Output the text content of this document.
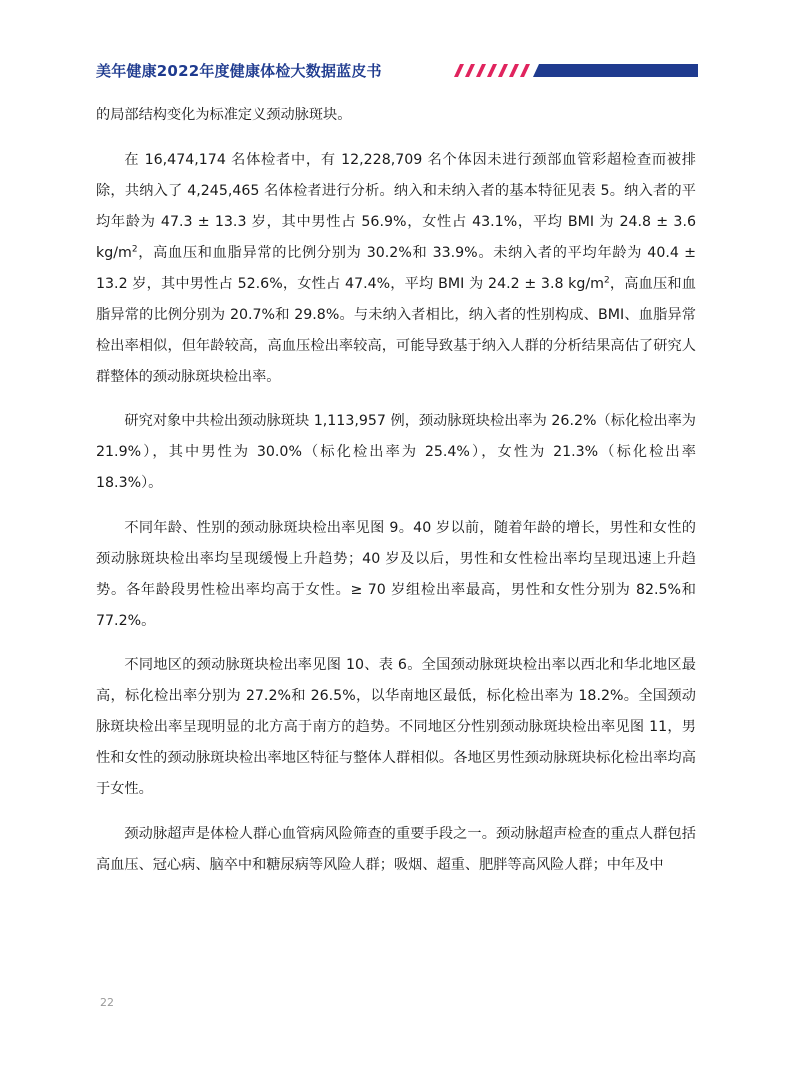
美年健康2022年度健康体检大数据蓝皮书

的局部结构变化为标准定义颈动脉斑块。

在 16,474,174 名体检者中，有 12,228,709 名个体因未进行颈部血管彩超检查而被排除，共纳入了 4,245,465 名体检者进行分析。纳入和未纳入者的基本特征见表 5。纳入者的平均年龄为 47.3 ± 13.3 岁，其中男性占 56.9%，女性占 43.1%，平均 BMI 为 24.8 ± 3.6 $kg/m^2$，高血压和血脂异常的比例分别为 30.2%和 33.9%。未纳入者的平均年龄为 40.4 ± 13.2 岁，其中男性占 52.6%，女性占 47.4%，平均 BMI 为 24.2 ± 3.8 $kg/m^2$，高血压和血脂异常的比例分别为 20.7%和 29.8%。与未纳入者相比，纳入者的性别构成、BMI、血脂异常检出率相似，但年龄较高，高血压检出率较高，可能导致基于纳入人群的分析结果高估了研究人群整体的颈动脉斑块检出率。

研究对象中共检出颈动脉斑块 1,113,957 例，颈动脉斑块检出率为 26.2%（标化检出率为 21.9%），其中男性为 30.0%（标化检出率为 25.4%），女性为 21.3%（标化检出率 18.3%）。

不同年龄、性别的颈动脉斑块检出率见图 9。40 岁以前，随着年龄的增长，男性和女性的颈动脉斑块检出率均呈现缓慢上升趋势；40 岁及以后，男性和女性检出率均呈现迅速上升趋势。各年龄段男性检出率均高于女性。≥ 70 岁组检出率最高，男性和女性分别为 82.5%和 77.2%。

不同地区的颈动脉斑块检出率见图 10、表 6。全国颈动脉斑块检出率以西北和华北地区最高，标化检出率分别为 27.2%和 26.5%，以华南地区最低，标化检出率为 18.2%。全国颈动脉斑块检出率呈现明显的北方高于南方的趋势。不同地区分性别颈动脉斑块检出率见图 11，男性和女性的颈动脉斑块检出率地区特征与整体人群相似。各地区男性颈动脉斑块标化检出率均高于女性。

颈动脉超声是体检人群心血管病风险筛查的重要手段之一。颈动脉超声检查的重点人群包括高血压、冠心病、脑卒中和糖尿病等风险人群；吸烟、超重、肥胖等高风险人群；中年及中

22
